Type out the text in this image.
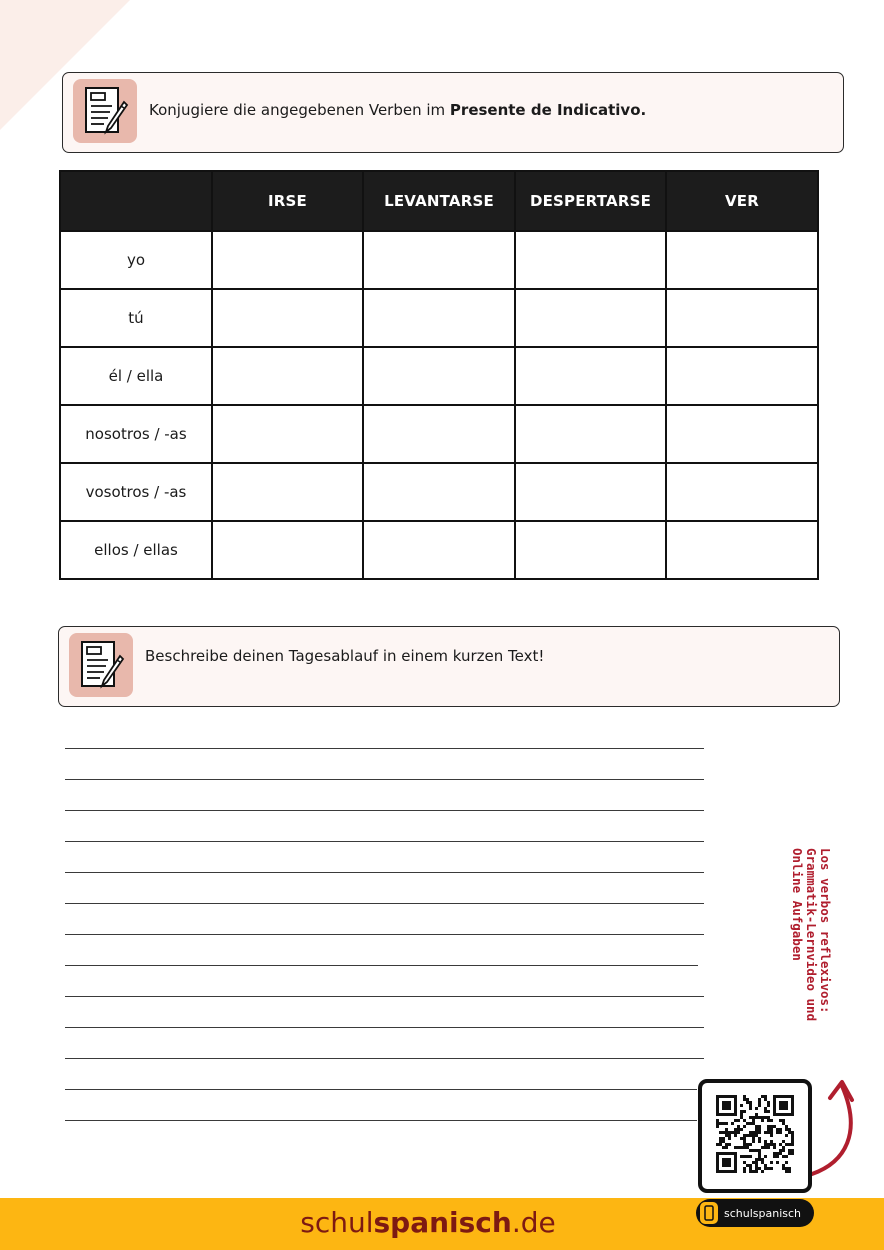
Konjugiere die angegebenen Verben im Presente de Indicativo.
	IRSE	LEVANTARSE	DESPERTARSE	VER
yo				
tú				
él / ella				
nosotros / -as				
vosotros / -as				
ellos / ellas				
Beschreibe deinen Tagesablauf in einem kurzen Text!
Los verbos reflexivos:
Grammatik-Lernvideo und
Online Aufgaben
schulspanisch.de	schulspanisch
